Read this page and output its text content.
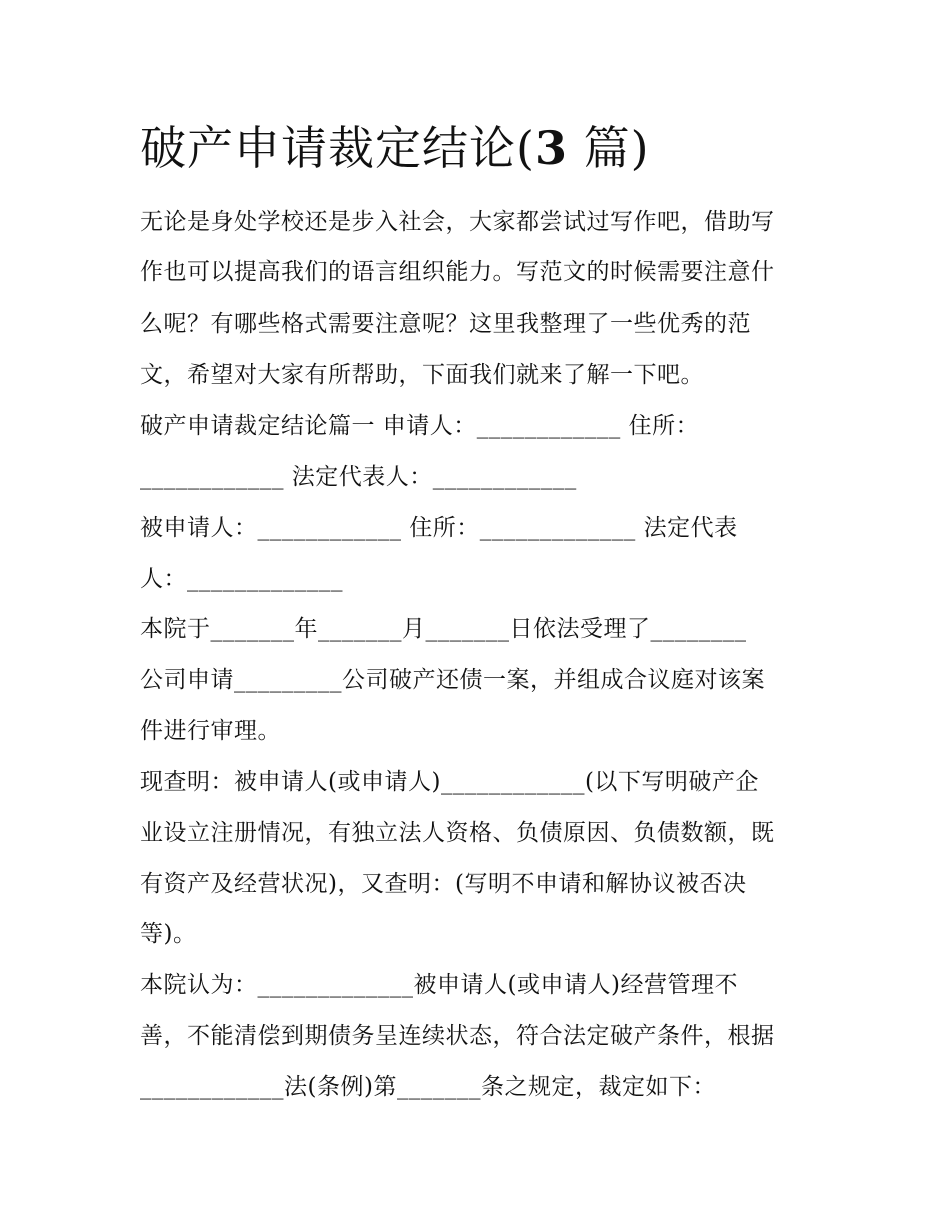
破产申请裁定结论(3 篇)

无论是身处学校还是步入社会，大家都尝试过写作吧，借助写

作也可以提高我们的语言组织能力。写范文的时候需要注意什

么呢？有哪些格式需要注意呢？这里我整理了一些优秀的范

文，希望对大家有所帮助，下面我们就来了解一下吧。

破产申请裁定结论篇一 申请人：____________ 住所：

____________ 法定代表人：____________

被申请人：____________ 住所：_____________ 法定代表

人：_____________

本院于_______年_______月_______日依法受理了________

公司申请_________公司破产还债一案，并组成合议庭对该案

件进行审理。

现查明：被申请人(或申请人)____________(以下写明破产企

业设立注册情况，有独立法人资格、负债原因、负债数额，既

有资产及经营状况)，又查明：(写明不申请和解协议被否决

等)。

本院认为：_____________被申请人(或申请人)经营管理不

善，不能清偿到期债务呈连续状态，符合法定破产条件，根据

____________法(条例)第_______条之规定，裁定如下：
